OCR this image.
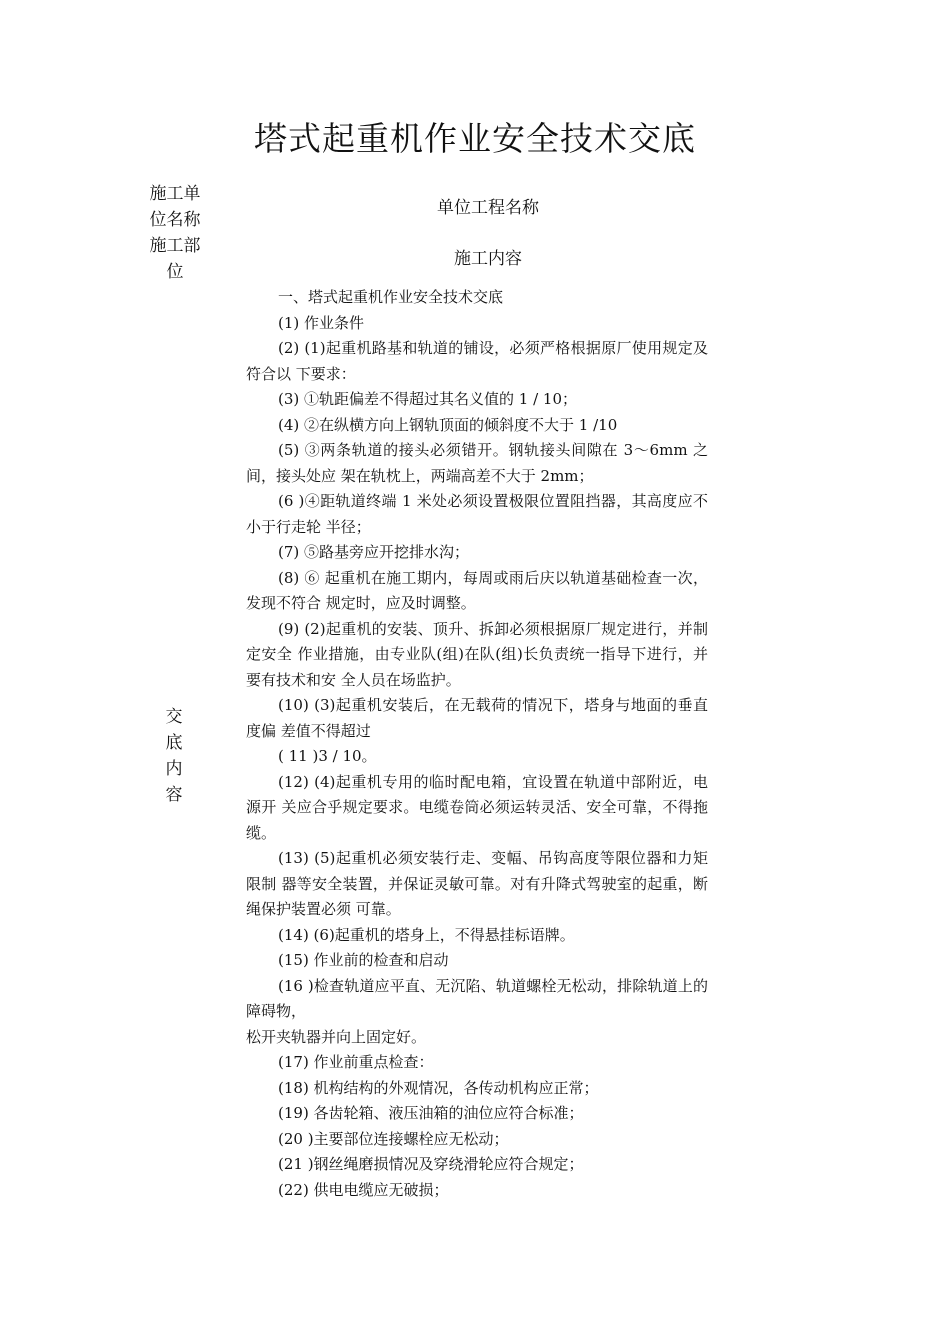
塔式起重机作业安全技术交底
施工单
位名称
施工部
位
单位工程名称
施工内容
交
底
内
容

一、塔式起重机作业安全技术交底

(1) 作业条件

(2) (1)起重机路基和轨道的铺设，必须严格根据原厂使用规定及符合以 下要求：

(3) ①轨距偏差不得超过其名义值的 1 / 10；

(4) ②在纵横方向上钢轨顶面的倾斜度不大于 1 /10

(5) ③两条轨道的接头必须错开。钢轨接头间隙在 3～6mm 之间，接头处应 架在轨枕上，两端高差不大于 2mm；

(6 )④距轨道终端 1 米处必须设置极限位置阻挡器，其高度应不小于行走轮 半径；

(7) ⑤路基旁应开挖排水沟；

(8) ⑥ 起重机在施工期内，每周或雨后庆以轨道基础检查一次，发现不符合 规定时，应及时调整。

(9) (2)起重机的安装、顶升、拆卸必须根据原厂规定进行，并制定安全 作业措施，由专业队(组)在队(组)长负责统一指导下进行，并要有技术和安 全人员在场监护。

(10) (3)起重机安装后，在无载荷的情况下，塔身与地面的垂直度偏 差值不得超过

( 11 )3 / 10。

(12) (4)起重机专用的临时配电箱，宜设置在轨道中部附近，电源开 关应合乎规定要求。电缆卷筒必须运转灵活、安全可靠，不得拖缆。

(13) (5)起重机必须安装行走、变幅、吊钩高度等限位器和力矩限制 器等安全装置，并保证灵敏可靠。对有升降式驾驶室的起重，断绳保护装置必须 可靠。

(14) (6)起重机的塔身上，不得悬挂标语牌。

(15) 作业前的检查和启动

(16 )检查轨道应平直、无沉陷、轨道螺栓无松动，排除轨道上的障碍物，

松开夹轨器并向上固定好。

(17) 作业前重点检查：

(18) 机构结构的外观情况，各传动机构应正常；

(19) 各齿轮箱、液压油箱的油位应符合标准；

(20 )主要部位连接螺栓应无松动；

(21 )钢丝绳磨损情况及穿绕滑轮应符合规定；

(22) 供电电缆应无破损；
